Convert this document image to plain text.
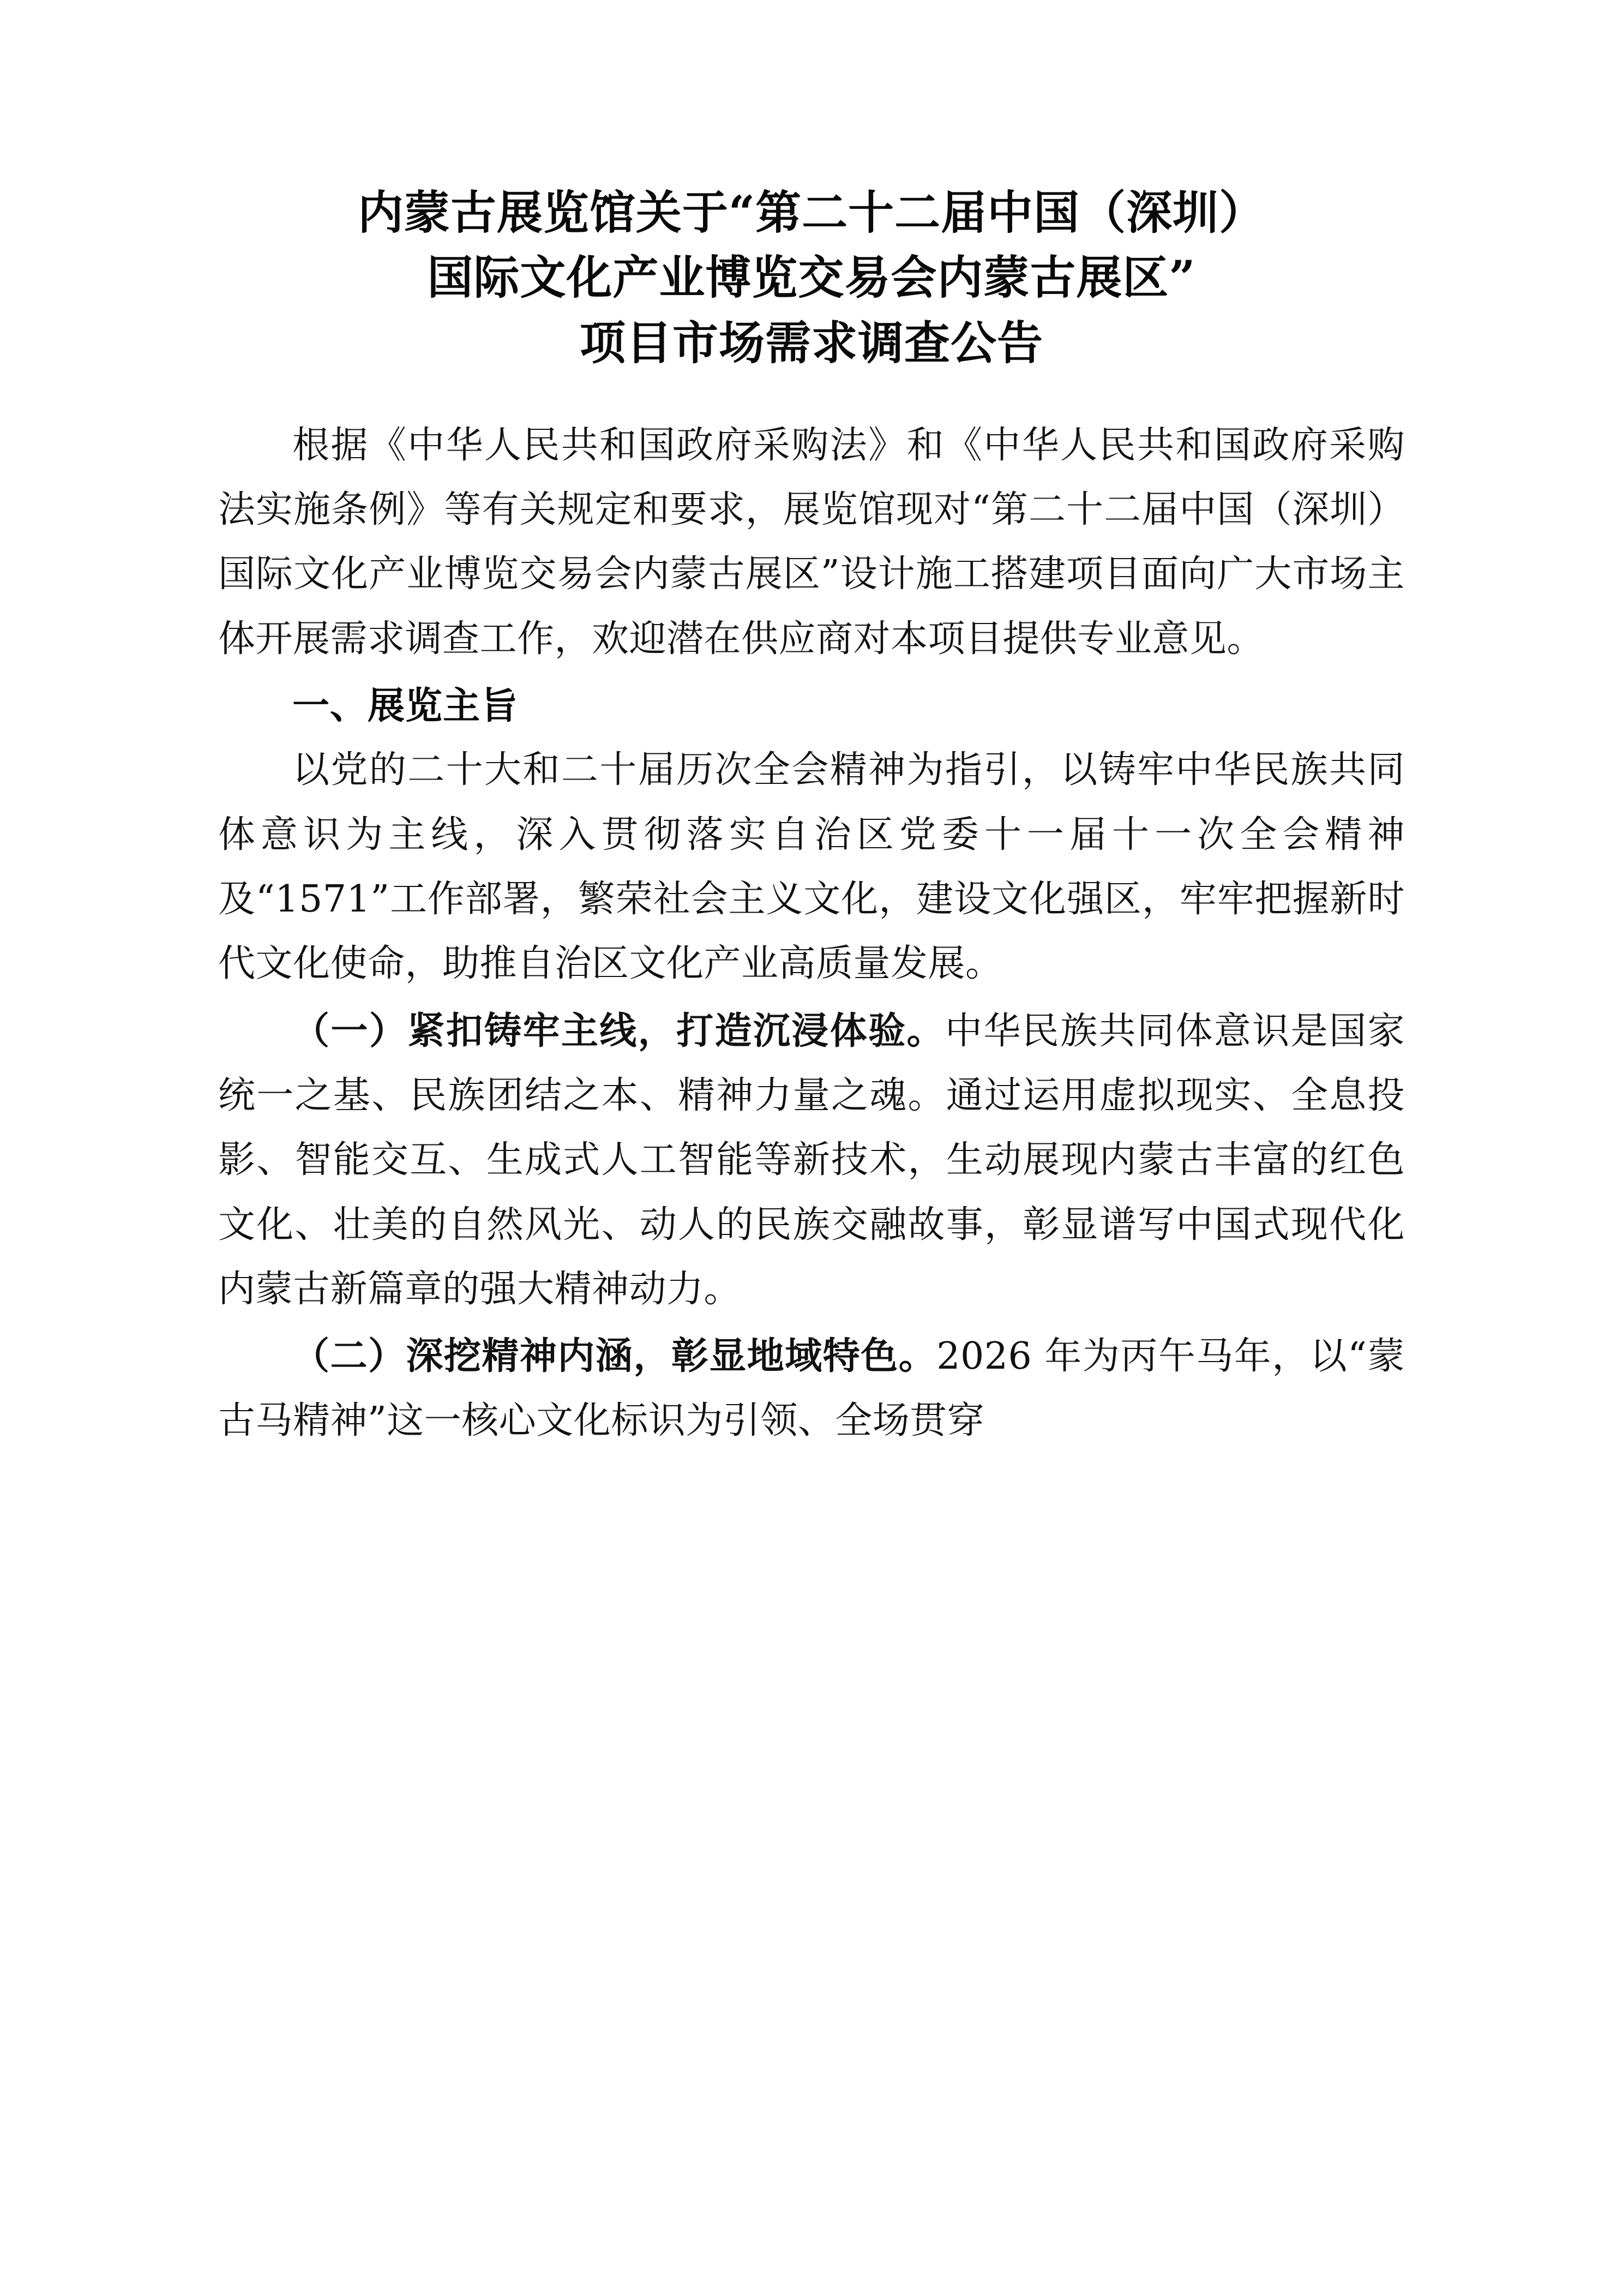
内蒙古展览馆关于“第二十二届中国（深圳）
国际文化产业博览交易会内蒙古展区”
项目市场需求调查公告

根据《中华人民共和国政府采购法》和《中华人民共和国政府采购法实施条例》等有关规定和要求，展览馆现对“第二十二届中国（深圳）国际文化产业博览交易会内蒙古展区”设计施工搭建项目面向广大市场主体开展需求调查工作，欢迎潜在供应商对本项目提供专业意见。

一、展览主旨

以党的二十大和二十届历次全会精神为指引，以铸牢中华民族共同体意识为主线，深入贯彻落实自治区党委十一届十一次全会精神及“1571”工作部署，繁荣社会主义文化，建设文化强区，牢牢把握新时代文化使命，助推自治区文化产业高质量发展。

（一）紧扣铸牢主线，打造沉浸体验。中华民族共同体意识是国家统一之基、民族团结之本、精神力量之魂。通过运用虚拟现实、全息投影、智能交互、生成式人工智能等新技术，生动展现内蒙古丰富的红色文化、壮美的自然风光、动人的民族交融故事，彰显谱写中国式现代化内蒙古新篇章的强大精神动力。

（二）深挖精神内涵，彰显地域特色。2026 年为丙午马年，以“蒙古马精神”这一核心文化标识为引领、全场贯穿
